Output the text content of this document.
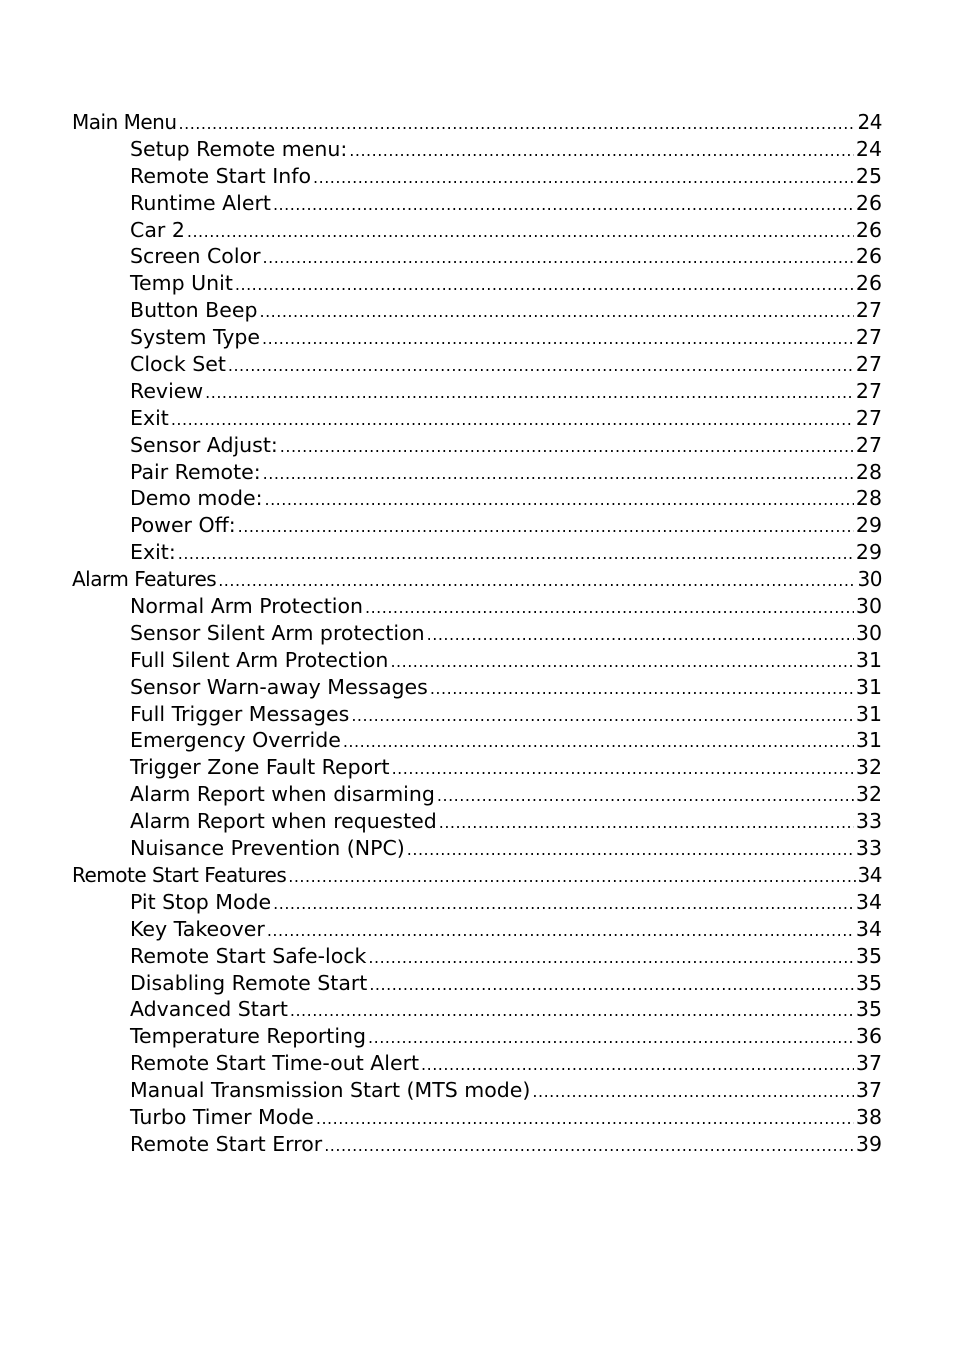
Main Menu .....	24
Setup Remote menu: .....	24
Remote Start Info .....	25
Runtime Alert .....	26
Car 2 .....	26
Screen Color .....	26
Temp Unit .....	26
Button Beep .....	27
System Type .....	27
Clock Set .....	27
Review .....	27
Exit .....	27
Sensor Adjust: .....	27
Pair Remote: .....	28
Demo mode: .....	28
Power Off: .....	29
Exit: .....	29
Alarm Features .....	30
Normal Arm Protection .....	30
Sensor Silent Arm protection .....	30
Full Silent Arm Protection .....	31
Sensor Warn-away Messages .....	31
Full Trigger Messages .....	31
Emergency Override .....	31
Trigger Zone Fault Report .....	32
Alarm Report when disarming .....	32
Alarm Report when requested .....	33
Nuisance Prevention (NPC) .....	33
Remote Start Features .....	34
Pit Stop Mode .....	34
Key Takeover .....	34
Remote Start Safe-lock .....	35
Disabling Remote Start .....	35
Advanced Start .....	35
Temperature Reporting .....	36
Remote Start Time-out Alert .....	37
Manual Transmission Start (MTS mode) .....	37
Turbo Timer Mode .....	38
Remote Start Error .....	39
